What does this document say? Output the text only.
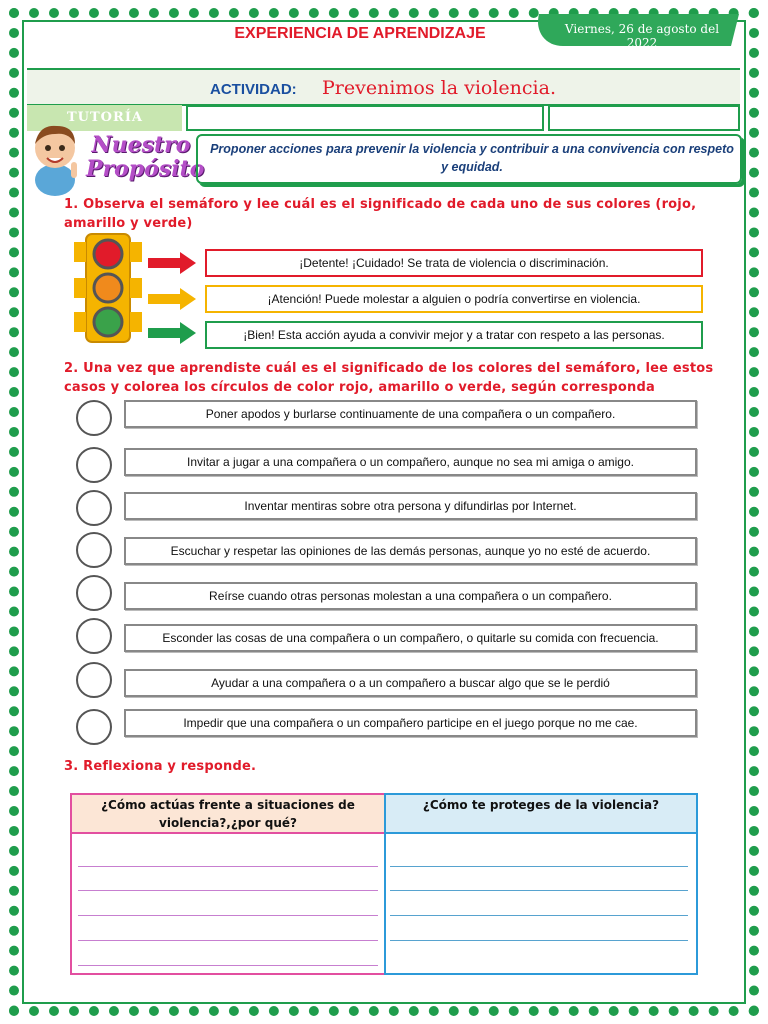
Viernes, 26 de agosto del 2022
EXPERIENCIA DE APRENDIZAJE
ACTIVIDAD: Prevenimos la violencia.
TUTORÍA
Nuestro
Propósito
Proponer acciones para prevenir la violencia y contribuir a una convivencia con respeto y equidad.
1. Observa el semáforo y lee cuál es el significado de cada uno de sus colores (rojo, amarillo y verde)
¡Detente! ¡Cuidado! Se trata de violencia o discriminación.
¡Atención! Puede molestar a alguien o podría convertirse en violencia.
¡Bien! Esta acción ayuda a convivir mejor y a tratar con respeto a las personas.
2. Una vez que aprendiste cuál es el significado de los colores del semáforo, lee estos casos y colorea los círculos de color rojo, amarillo o verde, según corresponda
Poner apodos y burlarse continuamente de una compañera o un compañero.
Invitar a jugar a una compañera o un compañero, aunque no sea mi amiga o amigo.
Inventar mentiras sobre otra persona y difundirlas por Internet.
Escuchar y respetar las opiniones de las demás personas, aunque yo no esté de acuerdo.
Reírse cuando otras personas molestan a una compañera o un compañero.
Esconder las cosas de una compañera o un compañero, o quitarle su comida con frecuencia.
Ayudar a una compañera o a un compañero a buscar algo que se le perdió
Impedir que una compañera o un compañero participe en el juego porque no me cae.
3. Reflexiona y responde.
¿Cómo actúas frente a situaciones de violencia?,¿por qué?
¿Cómo te proteges de la violencia?
